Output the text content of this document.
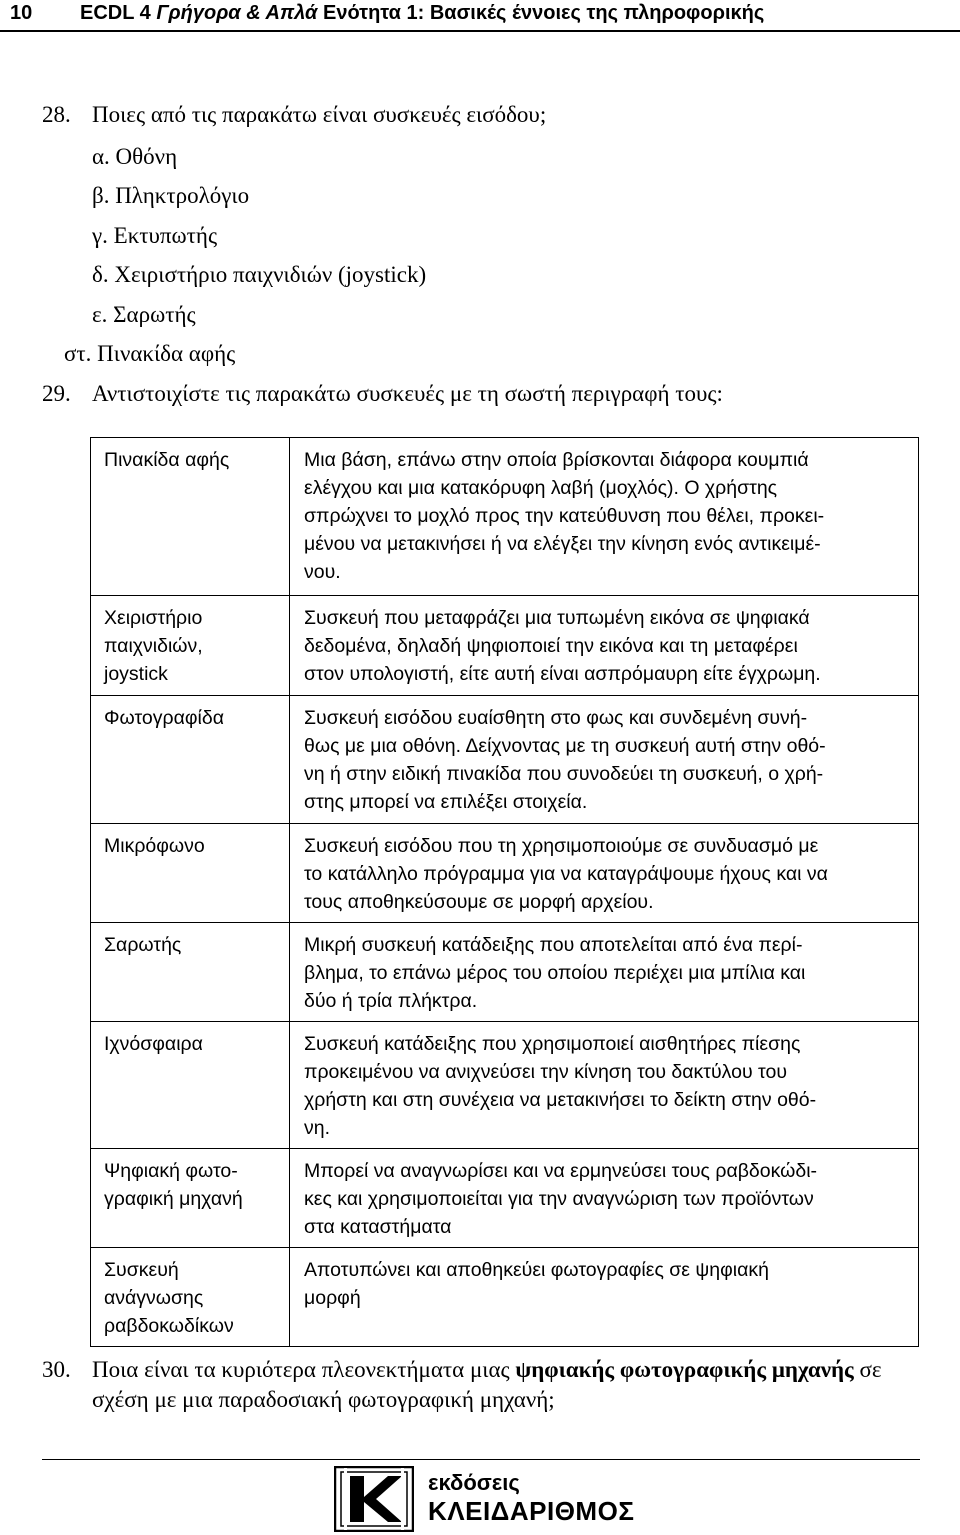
10 ECDL 4 Γρήγορα & Απλά Ενότητα 1: Βασικές έννοιες της πληροφορικής
28. Ποιες από τις παρακάτω είναι συσκευές εισόδου;
α. Οθόνη
β. Πληκτρολόγιο
γ. Εκτυπωτής
δ. Χειριστήριο παιχνιδιών (joystick)
ε. Σαρωτής
στ. Πινακίδα αφής
29. Αντιστοιχίστε τις παρακάτω συσκευές με τη σωστή περιγραφή τους:
Πινακίδα αφής	Μια βάση, επάνω στην οποία βρίσκονται διάφορα κουμπιά
ελέγχου και μια κατακόρυφη λαβή (μοχλός). Ο χρήστης
σπρώχνει το μοχλό προς την κατεύθυνση που θέλει, προκει-
μένου να μετακινήσει ή να ελέγξει την κίνηση ενός αντικειμέ-
νου.

Χειριστήριο
παιχνιδιών,
joystick	Συσκευή που μεταφράζει μια τυπωμένη εικόνα σε ψηφιακά
δεδομένα, δηλαδή ψηφιοποιεί την εικόνα και τη μεταφέρει
στον υπολογιστή, είτε αυτή είναι ασπρόμαυρη είτε έγχρωμη.

Φωτογραφίδα	Συσκευή εισόδου ευαίσθητη στο φως και συνδεμένη συνή-
θως με μια οθόνη. Δείχνοντας με τη συσκευή αυτή στην οθό-
νη ή στην ειδική πινακίδα που συνοδεύει τη συσκευή, ο χρή-
στης μπορεί να επιλέξει στοιχεία.

Μικρόφωνο	Συσκευή εισόδου που τη χρησιμοποιούμε σε συνδυασμό με
το κατάλληλο πρόγραμμα για να καταγράψουμε ήχους και να
τους αποθηκεύσουμε σε μορφή αρχείου.

Σαρωτής	Μικρή συσκευή κατάδειξης που αποτελείται από ένα περί-
βλημα, το επάνω μέρος του οποίου περιέχει μια μπίλια και
δύο ή τρία πλήκτρα.

Ιχνόσφαιρα	Συσκευή κατάδειξης που χρησιμοποιεί αισθητήρες πίεσης
προκειμένου να ανιχνεύσει την κίνηση του δακτύλου του
χρήστη και στη συνέχεια να μετακινήσει το δείκτη στην οθό-
νη.

Ψηφιακή φωτο-
γραφική μηχανή	Μπορεί να αναγνωρίσει και να ερμηνεύσει τους ραβδοκώδι-
κες και χρησιμοποιείται για την αναγνώριση των προϊόντων
στα καταστήματα

Συσκευή
ανάγνωσης
ραβδοκωδίκων	Αποτυπώνει και αποθηκεύει φωτογραφίες σε ψηφιακή
μορφή
30. Ποια είναι τα κυριότερα πλεονεκτήματα μιας ψηφιακής φωτογραφικής μηχανής σε
σχέση με μια παραδοσιακή φωτογραφική μηχανή;
εκδόσεις
ΚΛΕΙΔΑΡΙΘΜΟΣ
